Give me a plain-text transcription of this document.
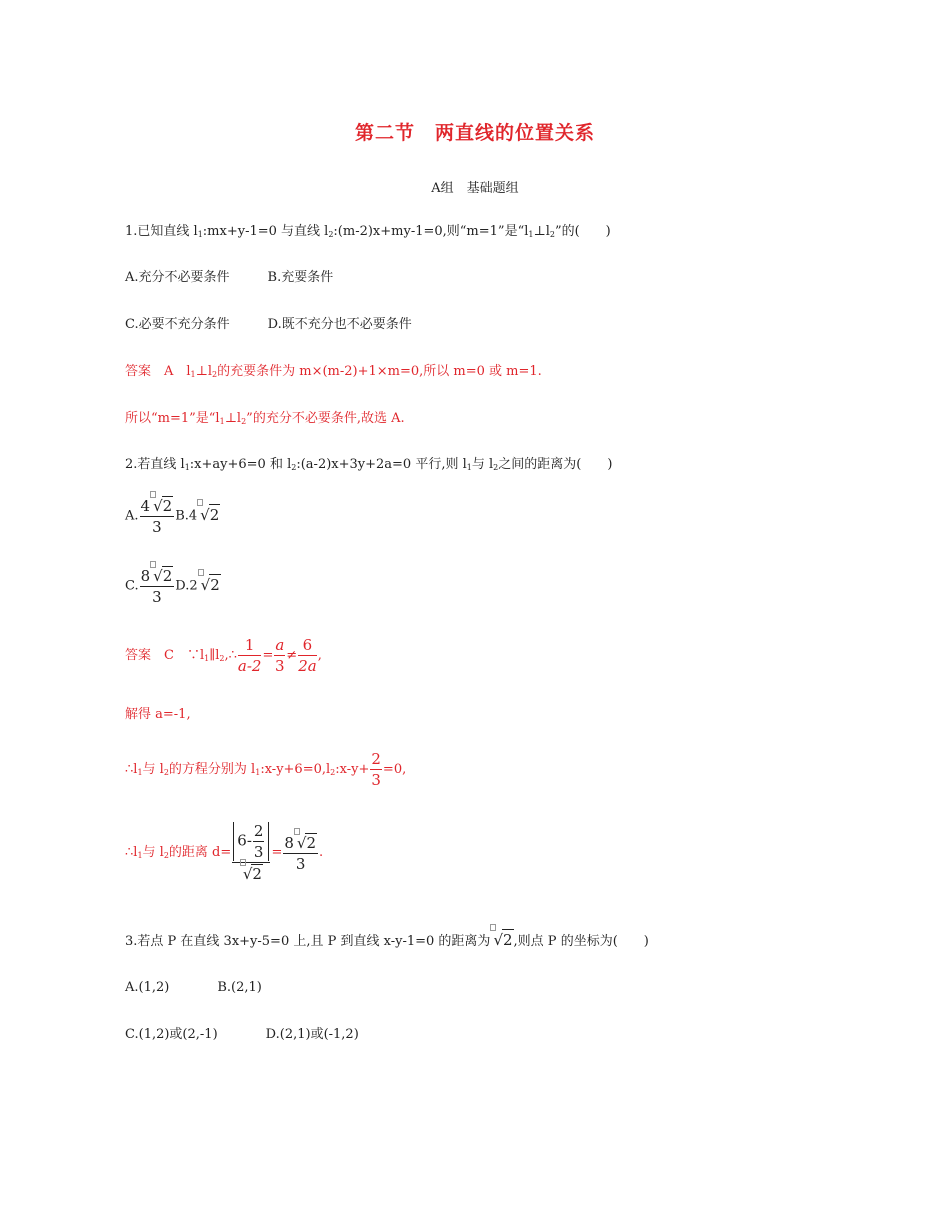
第二节　两直线的位置关系
A组　基础题组
1.已知直线 $l_1:mx+y-1=0$ 与直线 $l_2:(m-2)x+my-1=0$,则“m=1”是“$l_1\perp l_2$”的(　　)
A.充分不必要条件	B.充要条件
C.必要不充分条件	D.既不充分也不必要条件
答案　A　$l_1\perp l_2$的充要条件为 m×(m-2)+1×m=0,所以 m=0 或 m=1.
所以“m=1”是“$l_1\perp l_2$”的充分不必要条件,故选 A.
2.若直线 $l_1:x+ay+6=0$ 和 $l_2:(a-2)x+3y+2a=0$ 平行,则 $l_1$与 $l_2$之间的距离为(　　)
A. $\frac{4 √2}{3} B.4$ √2
C. $\frac{8 √2}{3} D.2$ √2
答案　C　$\because l_1\parallel l_2,\therefore \frac{1}{a-2} = \frac{a}{3} \ne \frac{6}{2a}$ ,
解得 a=-1,
$\therefore l_1$与 $l_2$的方程分别为 $l_1:x-y+6=0,l_2:x-y+ \frac{2}{3} =0$,
$\therefore l_1$与 $l_2$的距离 $d= \frac{6- \frac{2}{3}}{√2} = \frac{8 √2}{3}$ .
3.若点 P 在直线 3x+y-5=0 上,且 P 到直线 x-y-1=0 的距离为 √2,则点 P 的坐标为(　　)
A.(1,2)	B.(2,1)
C.(1,2)或(2,-1)	D.(2,1)或(-1,2)
